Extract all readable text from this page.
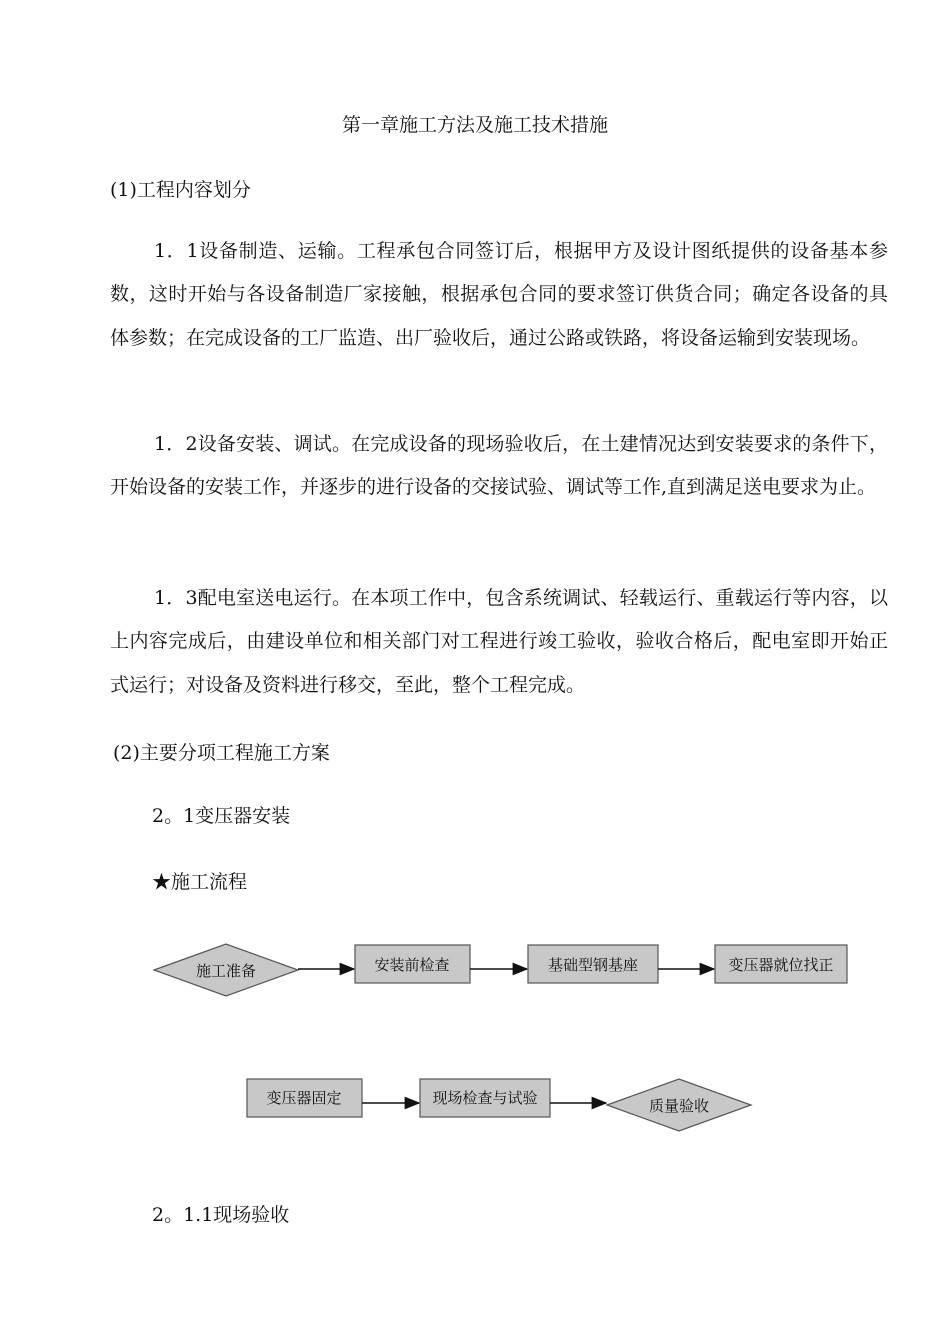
第一章施工方法及施工技术措施
(1)工程内容划分

1．1设备制造、运输。工程承包合同签订后，根据甲方及设计图纸提供的设备基本参数，这时开始与各设备制造厂家接触，根据承包合同的要求签订供货合同；确定各设备的具体参数；在完成设备的工厂监造、出厂验收后，通过公路或铁路，将设备运输到安装现场。

1．2设备安装、调试。在完成设备的现场验收后，在土建情况达到安装要求的条件下，开始设备的安装工作，并逐步的进行设备的交接试验、调试等工作,直到满足送电要求为止。

1．3配电室送电运行。在本项工作中，包含系统调试、轻载运行、重载运行等内容，以上内容完成后，由建设单位和相关部门对工程进行竣工验收，验收合格后，配电室即开始正式运行；对设备及资料进行移交，至此，整个工程完成。

(2)主要分项工程施工方案
2。1变压器安装
★施工流程
施工准备	安装前检查	基础型钢基座	变压器就位找正
变压器固定	现场检查与试验	质量验收
2。1.1现场验收
